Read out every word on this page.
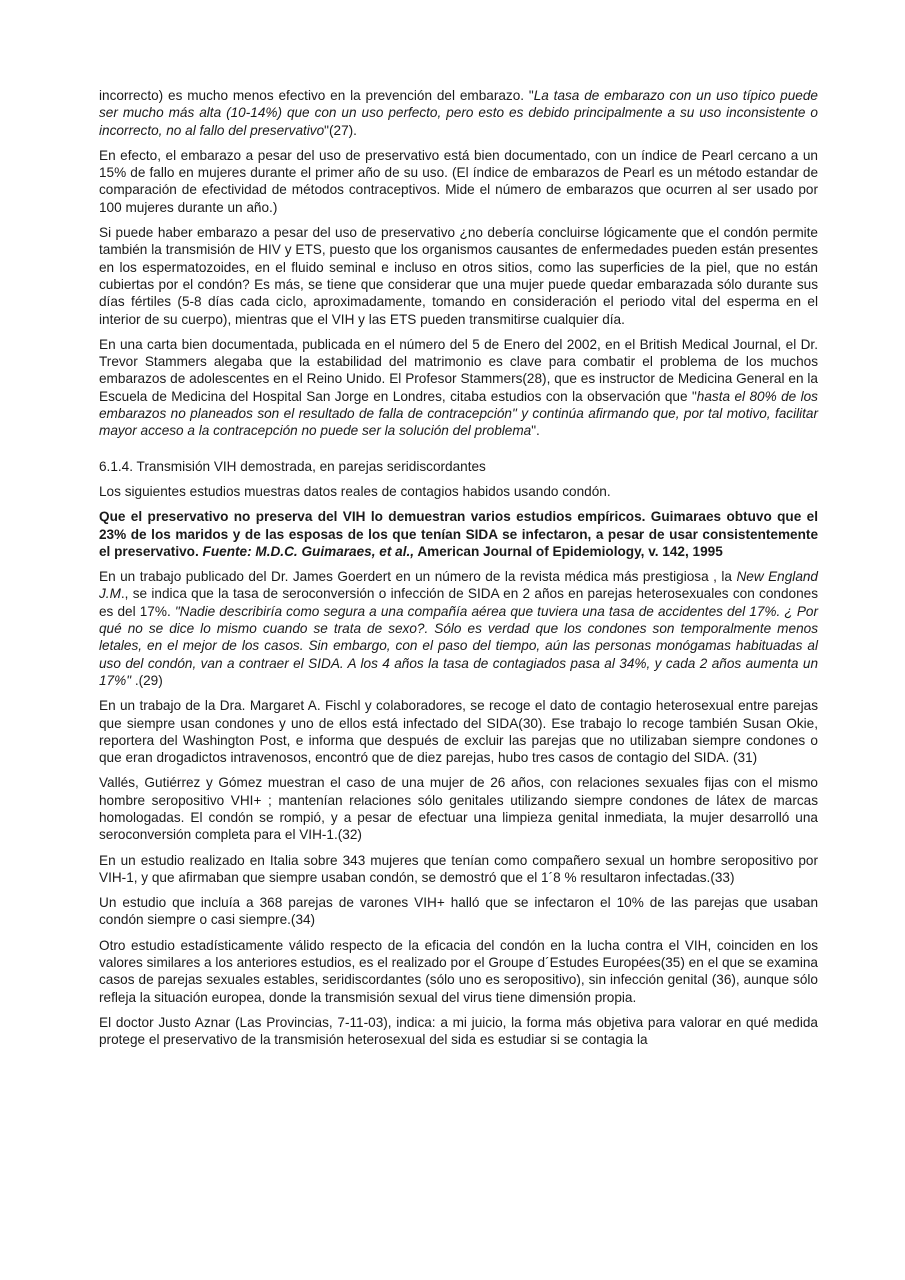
incorrecto) es mucho menos efectivo en la prevención del embarazo. "La tasa de embarazo con un uso típico puede ser mucho más alta (10-14%) que con un uso perfecto, pero esto es debido principalmente a su uso inconsistente o incorrecto, no al fallo del preservativo"(27).

En efecto, el embarazo a pesar del uso de preservativo está bien documentado, con un índice de Pearl cercano a un 15% de fallo en mujeres durante el primer año de su uso. (El índice de embarazos de Pearl es un método estandar de comparación de efectividad de métodos contraceptivos. Mide el número de embarazos que ocurren al ser usado por 100 mujeres durante un año.)

Si puede haber embarazo a pesar del uso de preservativo ¿no debería concluirse lógicamente que el condón permite también la transmisión de HIV y ETS, puesto que los organismos causantes de enfermedades pueden están presentes en los espermatozoides, en el fluido seminal e incluso en otros sitios, como las superficies de la piel, que no están cubiertas por el condón? Es más, se tiene que considerar que una mujer puede quedar embarazada sólo durante sus días fértiles (5-8 días cada ciclo, aproximadamente, tomando en consideración el periodo vital del esperma en el interior de su cuerpo), mientras que el VIH y las ETS pueden transmitirse cualquier día.

En una carta bien documentada, publicada en el número del 5 de Enero del 2002, en el British Medical Journal, el Dr. Trevor Stammers alegaba que la estabilidad del matrimonio es clave para combatir el problema de los muchos embarazos de adolescentes en el Reino Unido. El Profesor Stammers(28), que es instructor de Medicina General en la Escuela de Medicina del Hospital San Jorge en Londres, citaba estudios con la observación que "hasta el 80% de los embarazos no planeados son el resultado de falla de contracepción" y continúa afirmando que, por tal motivo, facilitar mayor acceso a la contracepción no puede ser la solución del problema".

6.1.4. Transmisión VIH demostrada, en parejas seridiscordantes

Los siguientes estudios muestras datos reales de contagios habidos usando condón.

Que el preservativo no preserva del VIH lo demuestran varios estudios empíricos. Guimaraes obtuvo que el 23% de los maridos y de las esposas de los que tenían SIDA se infectaron, a pesar de usar consistentemente el preservativo. Fuente: M.D.C. Guimaraes, et al., American Journal of Epidemiology, v. 142, 1995

En un trabajo publicado del Dr. James Goerdert en un número de la revista médica más prestigiosa , la New England J.M., se indica que la tasa de seroconversión o infección de SIDA en 2 años en parejas heterosexuales con condones es del 17%. "Nadie describiría como segura a una compañía aérea que tuviera una tasa de accidentes del 17%. ¿ Por qué no se dice lo mismo cuando se trata de sexo?. Sólo es verdad que los condones son temporalmente menos letales, en el mejor de los casos. Sin embargo, con el paso del tiempo, aún las personas monógamas habituadas al uso del condón, van a contraer el SIDA. A los 4 años la tasa de contagiados pasa al 34%, y cada 2 años aumenta un 17%" .(29)

En un trabajo de la Dra. Margaret A. Fischl y colaboradores, se recoge el dato de contagio heterosexual entre parejas que siempre usan condones y uno de ellos está infectado del SIDA(30). Ese trabajo lo recoge también Susan Okie, reportera del Washington Post, e informa que después de excluir las parejas que no utilizaban siempre condones o que eran drogadictos intravenosos, encontró que de diez parejas, hubo tres casos de contagio del SIDA. (31)

Vallés, Gutiérrez y Gómez muestran el caso de una mujer de 26 años, con relaciones sexuales fijas con el mismo hombre seropositivo VHI+ ; mantenían relaciones sólo genitales utilizando siempre condones de látex de marcas homologadas. El condón se rompió, y a pesar de efectuar una limpieza genital inmediata, la mujer desarrolló una seroconversión completa para el VIH-1.(32)

En un estudio realizado en Italia sobre 343 mujeres que tenían como compañero sexual un hombre seropositivo por VIH-1, y que afirmaban que siempre usaban condón, se demostró que el 1´8 % resultaron infectadas.(33)

Un estudio que incluía a 368 parejas de varones VIH+ halló que se infectaron el 10% de las parejas que usaban condón siempre o casi siempre.(34)

Otro estudio estadísticamente válido respecto de la eficacia del condón en la lucha contra el VIH, coinciden en los valores similares a los anteriores estudios, es el realizado por el Groupe d´Estudes Europées(35) en el que se examina casos de parejas sexuales estables, seridiscordantes (sólo uno es seropositivo), sin infección genital (36), aunque sólo refleja la situación europea, donde la transmisión sexual del virus tiene dimensión propia.

El doctor Justo Aznar (Las Provincias, 7-11-03), indica: a mi juicio, la forma más objetiva para valorar en qué medida protege el preservativo de la transmisión heterosexual del sida es estudiar si se contagia la
